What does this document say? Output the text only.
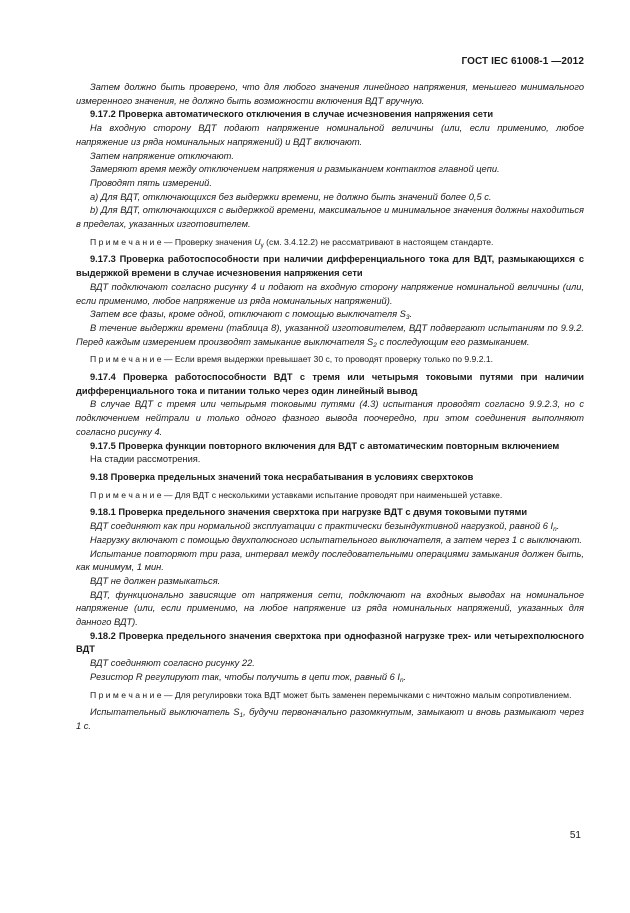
ГОСТ IEC 61008-1 —2012

Затем должно быть проверено, что для любого значения линейного напряжения, меньшего минимального измеренного значения, не должно быть возможности включения ВДТ вручную.

9.17.2 Проверка автоматического отключения в случае исчезновения напряжения сети

На входную сторону ВДТ подают напряжение номинальной величины (или, если применимо, любое напряжение из ряда номинальных напряжений) и ВДТ включают.

Затем напряжение отключают.

Замеряют время между отключением напряжения и размыканием контактов главной цепи.

Проводят пять измерений.

a) Для ВДТ, отключающихся без выдержки времени, не должно быть значений более 0,5 с.

b) Для ВДТ, отключающихся с выдержкой времени, максимальное и минимальное значения должны находиться в пределах, указанных изготовителем.

П р и м е ч а н и е — Проверку значения $U_y$ (см. 3.4.12.2) не рассматривают в настоящем стандарте.

9.17.3 Проверка работоспособности при наличии дифференциального тока для ВДТ, размыкающихся с выдержкой времени в случае исчезновения напряжения сети

ВДТ подключают согласно рисунку 4 и подают на входную сторону напряжение номинальной величины (или, если применимо, любое напряжение из ряда номинальных напряжений).

Затем все фазы, кроме одной, отключают с помощью выключателя $S_3$.

В течение выдержки времени (таблица 8), указанной изготовителем, ВДТ подвергают испытаниям по 9.9.2. Перед каждым измерением производят замыкание выключателя $S_2$ с последующим его размыканием.

П р и м е ч а н и е — Если время выдержки превышает 30 с, то проводят проверку только по 9.9.2.1.

9.17.4 Проверка работоспособности ВДТ с тремя или четырьмя токовыми путями при наличии дифференциального тока и питании только через один линейный вывод

В случае ВДТ с тремя или четырьмя токовыми путями (4.3) испытания проводят согласно 9.9.2.3, но с подключением нейтрали и только одного фазного вывода поочередно, при этом соединения выполняют согласно рисунку 4.

9.17.5 Проверка функции повторного включения для ВДТ с автоматическим повторным включением

На стадии рассмотрения.

9.18 Проверка предельных значений тока несрабатывания в условиях сверхтоков

П р и м е ч а н и е — Для ВДТ с несколькими уставками испытание проводят при наименьшей уставке.

9.18.1 Проверка предельного значения сверхтока при нагрузке ВДТ с двумя токовыми путями

ВДТ соединяют как при нормальной эксплуатации с практически безындуктивной нагрузкой, равной 6 $I_n$.

Нагрузку включают с помощью двухполюсного испытательного выключателя, а затем через 1 с выключают.

Испытание повторяют три раза, интервал между последовательными операциями замыкания должен быть, как минимум, 1 мин.

ВДТ не должен размыкаться.

ВДТ, функционально зависящие от напряжения сети, подключают на входных выводах на номинальное напряжение (или, если применимо, на любое напряжение из ряда номинальных напряжений, указанных для данного ВДТ).

9.18.2 Проверка предельного значения сверхтока при однофазной нагрузке трех- или четырехполюсного ВДТ

ВДТ соединяют согласно рисунку 22.

Резистор R регулируют так, чтобы получить в цепи ток, равный 6 $I_n$.

П р и м е ч а н и е — Для регулировки тока ВДТ может быть заменен перемычками с ничтожно малым сопротивлением.

Испытательный выключатель $S_1$, будучи первоначально разомкнутым, замыкают и вновь размыкают через 1 с.

51
